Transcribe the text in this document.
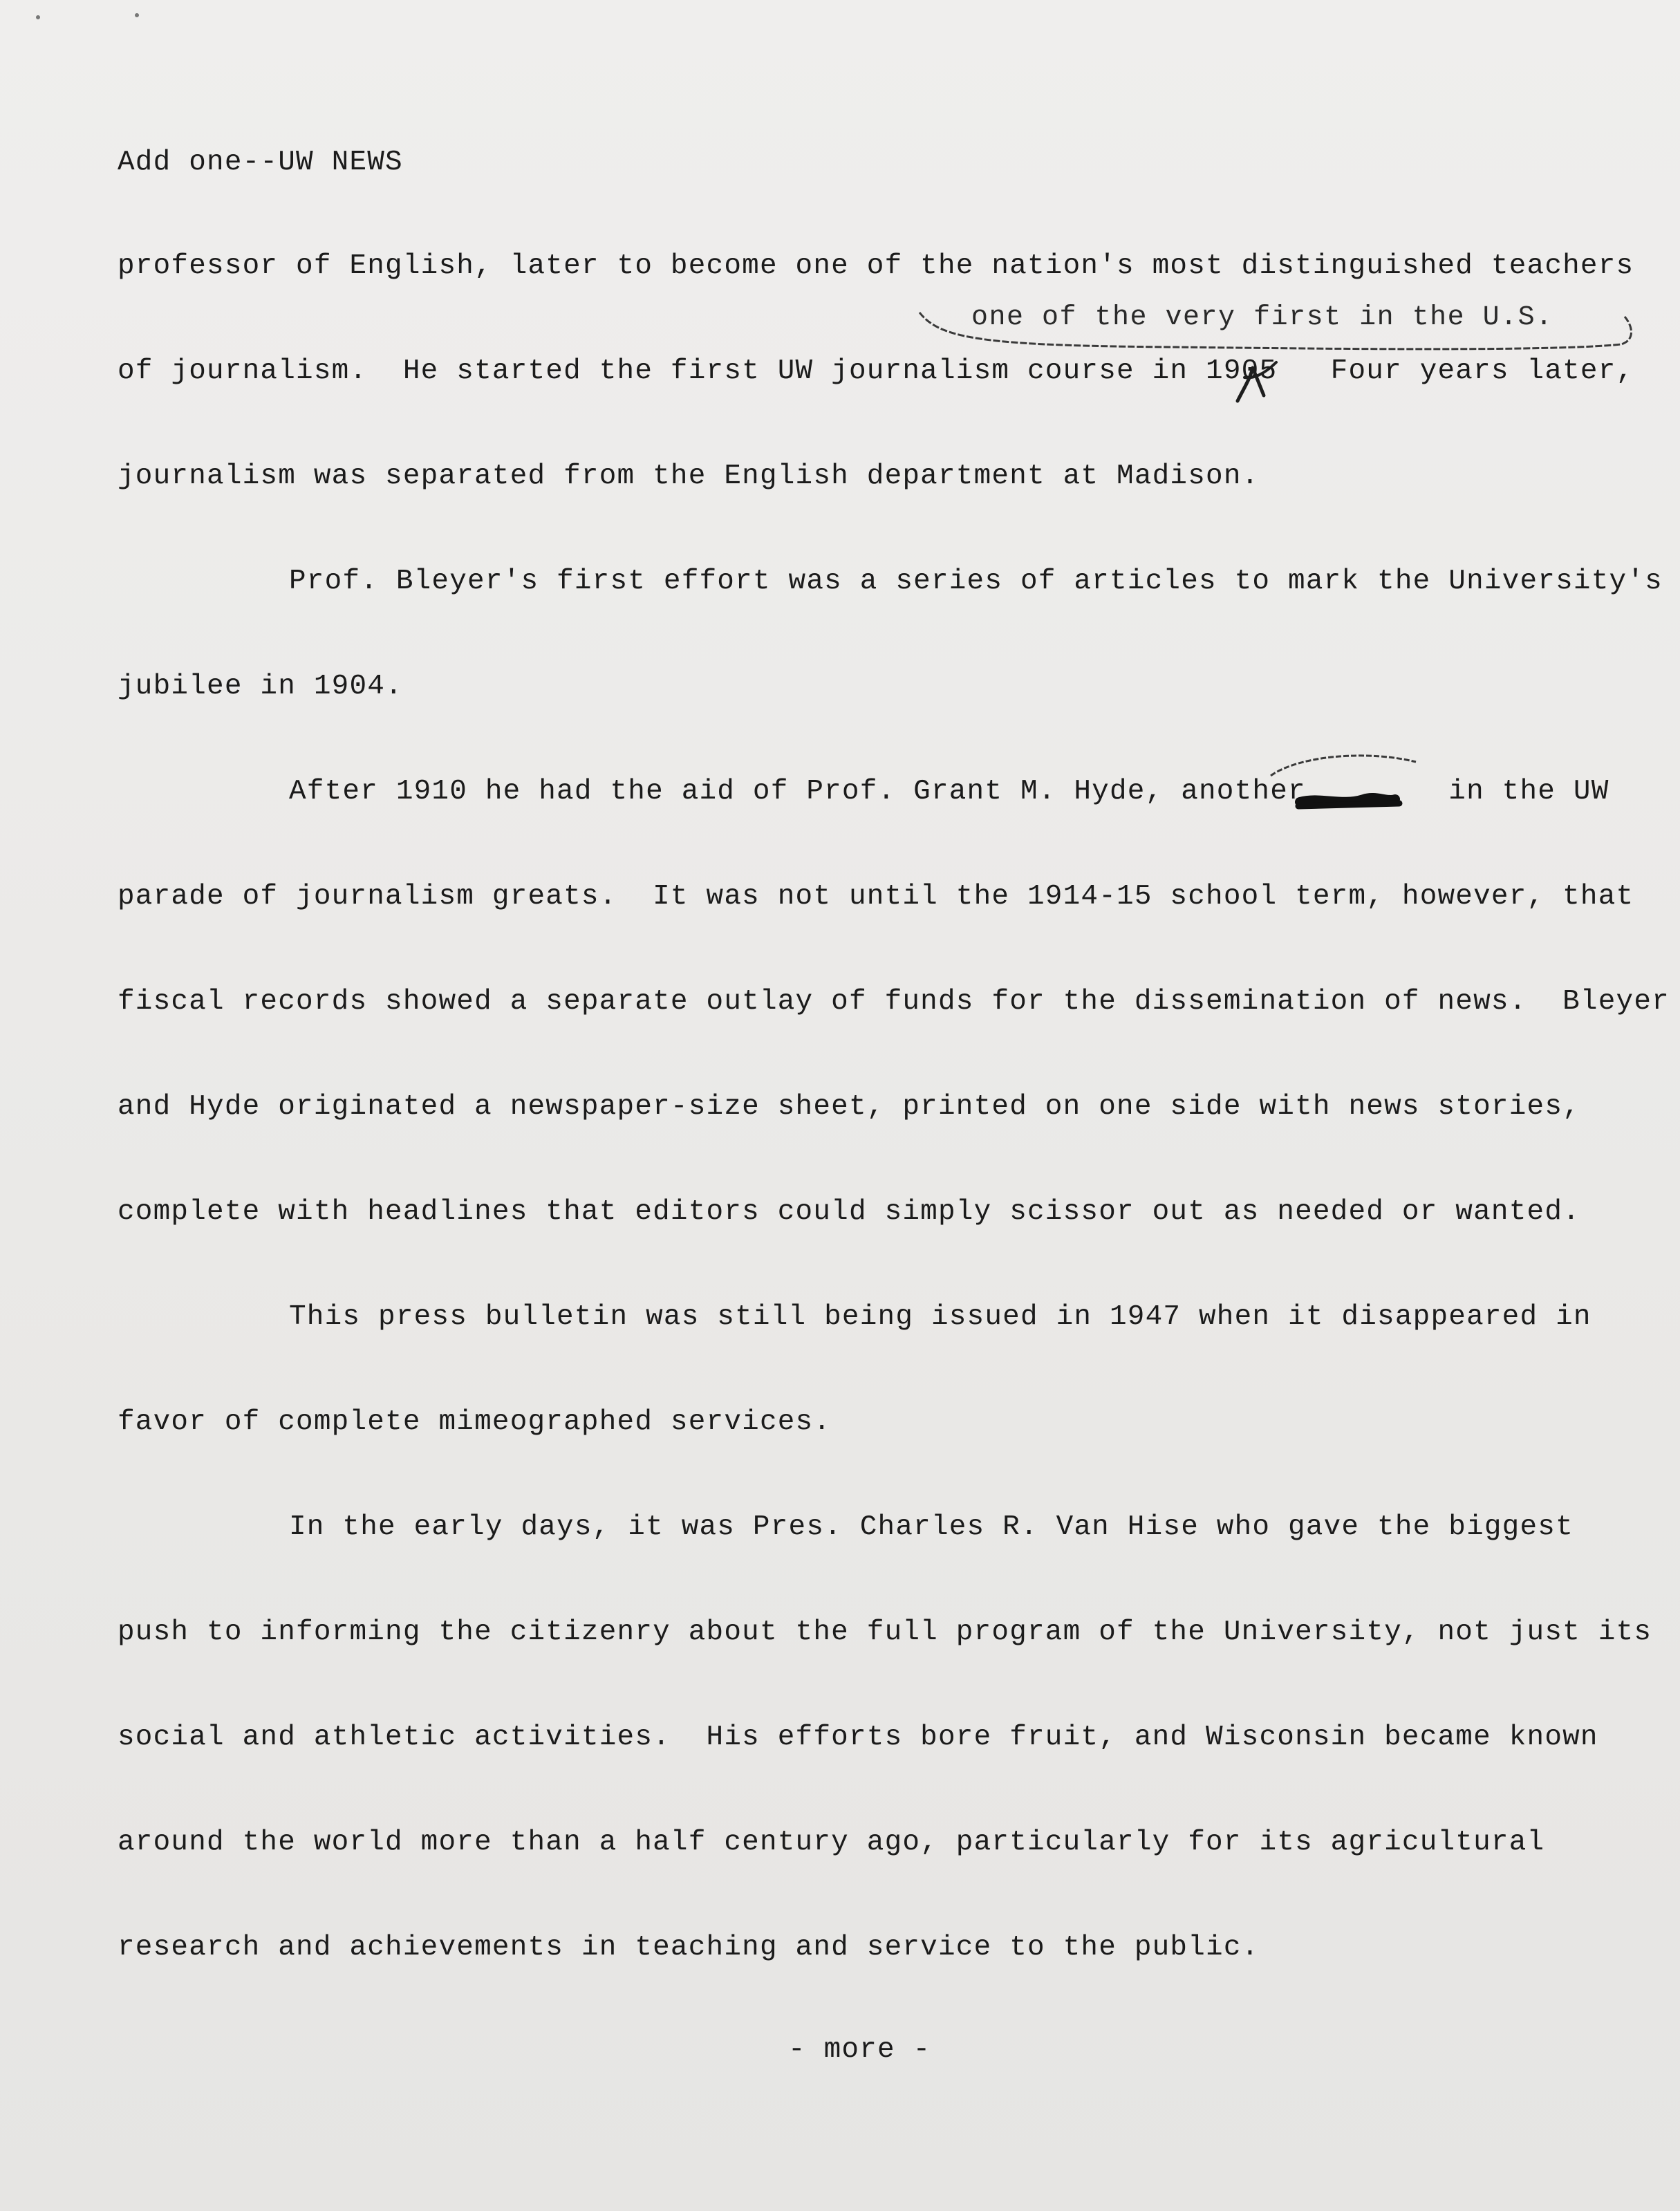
Add one--UW NEWS
professor of English, later to become one of the nation's most distinguished teachers
one of the very first in the U.S.
of journalism.  He started the first UW journalism course in 1905   Four years later,
journalism was separated from the English department at Madison.
Prof. Bleyer's first effort was a series of articles to mark the University's
jubilee in 1904.
After 1910 he had the aid of Prof. Grant M. Hyde, another        in the UW
parade of journalism greats.  It was not until the 1914-15 school term, however, that
fiscal records showed a separate outlay of funds for the dissemination of news.  Bleyer
and Hyde originated a newspaper-size sheet, printed on one side with news stories,
complete with headlines that editors could simply scissor out as needed or wanted.
This press bulletin was still being issued in 1947 when it disappeared in
favor of complete mimeographed services.
In the early days, it was Pres. Charles R. Van Hise who gave the biggest
push to informing the citizenry about the full program of the University, not just its
social and athletic activities.  His efforts bore fruit, and Wisconsin became known
around the world more than a half century ago, particularly for its agricultural
research and achievements in teaching and service to the public.
- more -
